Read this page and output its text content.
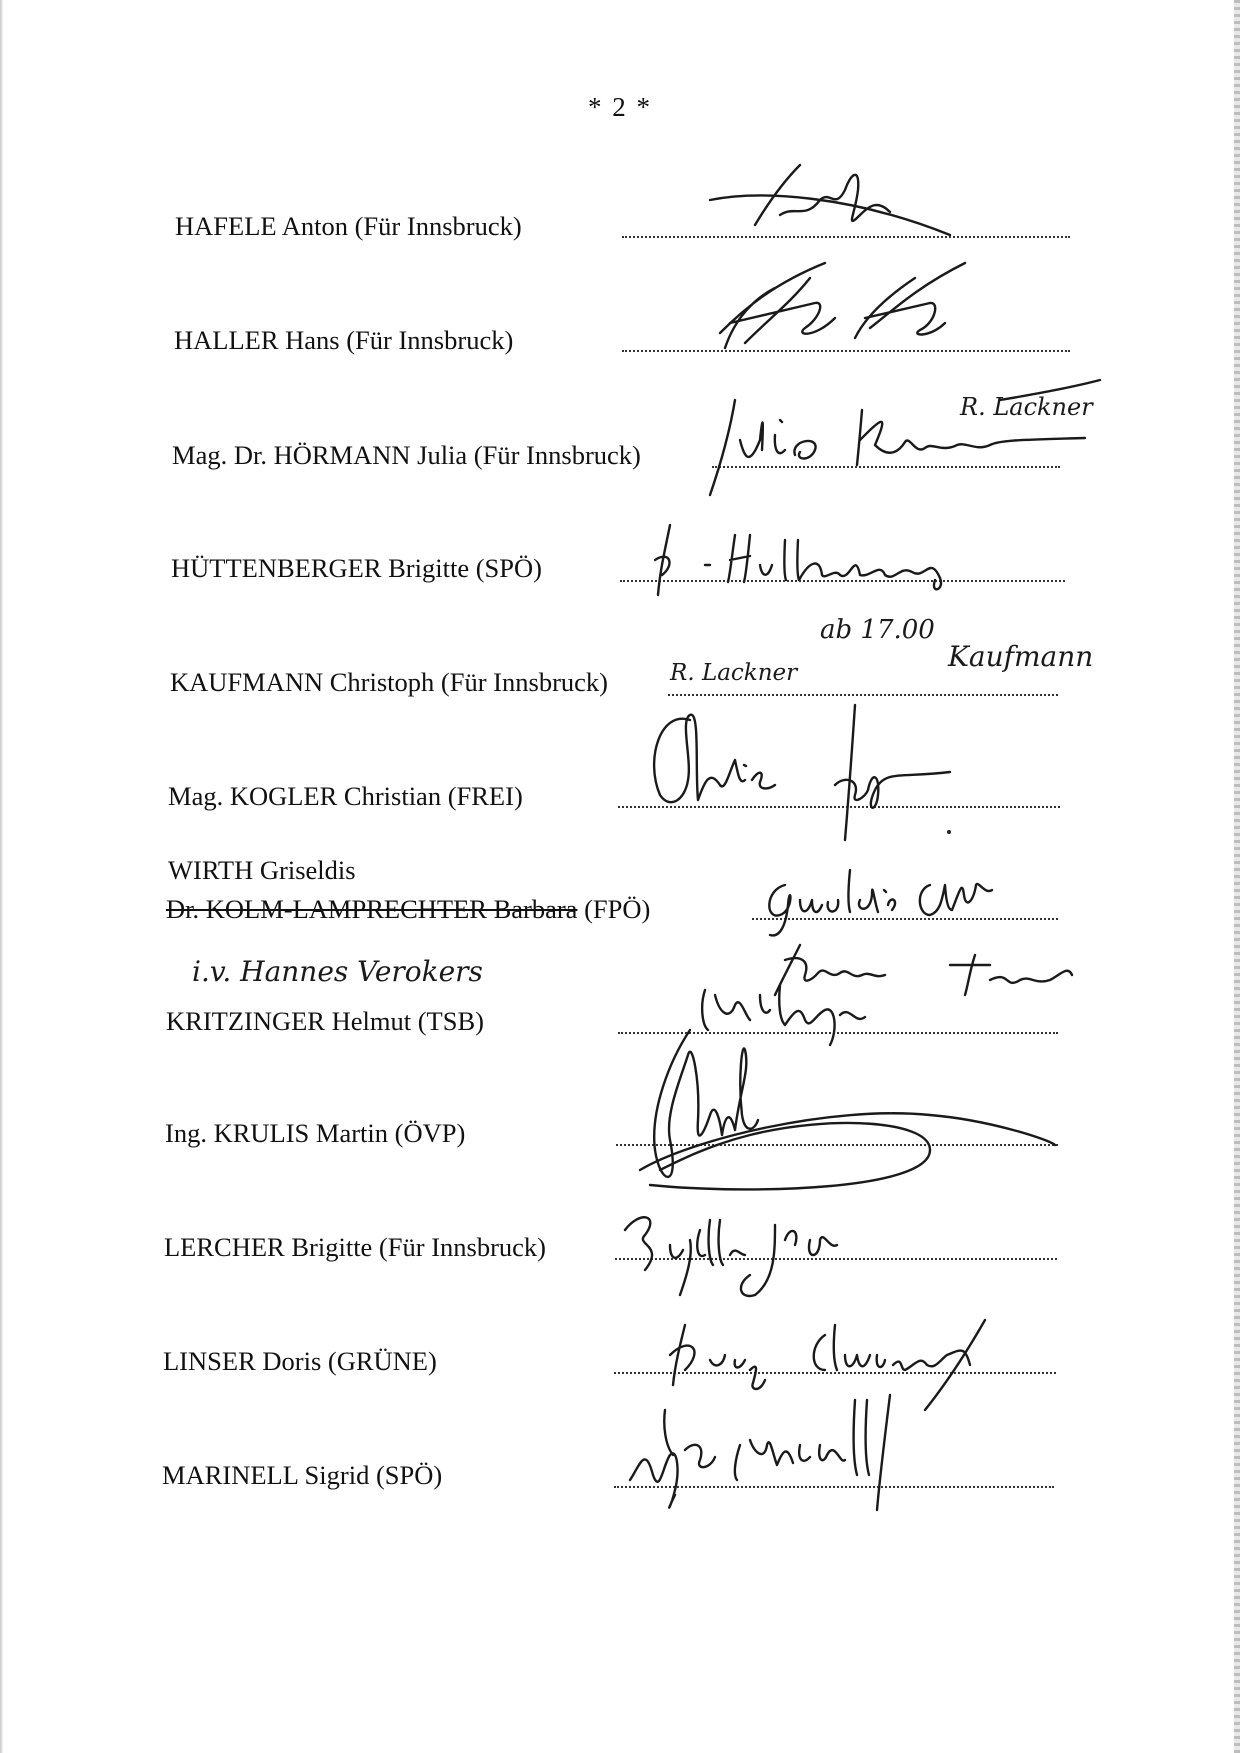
* 2 *
HAFELE Anton (Für Innsbruck)
HALLER Hans (Für Innsbruck)
Mag. Dr. HÖRMANN Julia (Für Innsbruck)
R. Lackner
HÜTTENBERGER Brigitte (SPÖ)
KAUFMANN Christoph (Für Innsbruck)
ab 17.00
Kaufmann
R. Lackner
Mag. KOGLER Christian (FREI)
WIRTH Griseldis
Dr. KOLM-LAMPRECHTER Barbara (FPÖ)
i.v. Hannes Verokers
KRITZINGER Helmut (TSB)
Ing. KRULIS Martin (ÖVP)
LERCHER Brigitte (Für Innsbruck)
LINSER Doris (GRÜNE)
MARINELL Sigrid (SPÖ)
